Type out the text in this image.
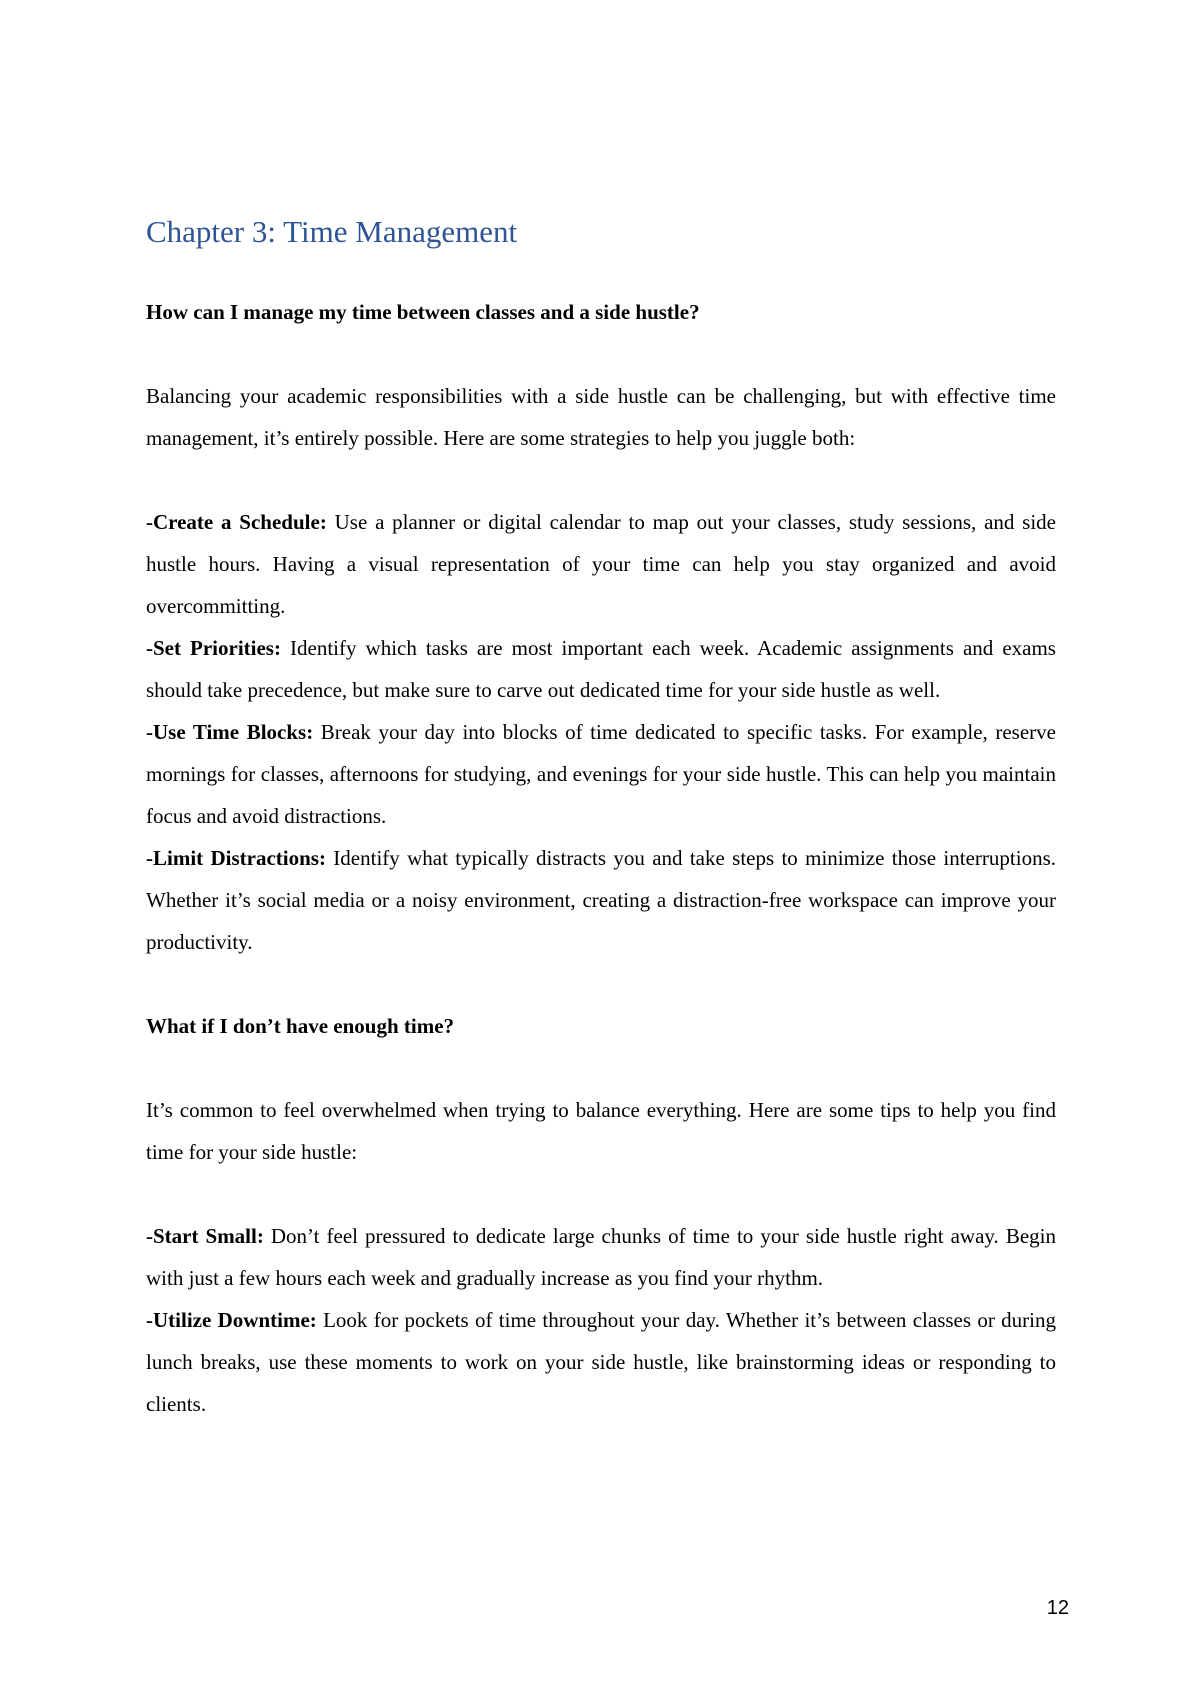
Chapter 3: Time Management

How can I manage my time between classes and a side hustle?

Balancing your academic responsibilities with a side hustle can be challenging, but with effective time management, it’s entirely possible. Here are some strategies to help you juggle both:

-Create a Schedule: Use a planner or digital calendar to map out your classes, study sessions, and side hustle hours. Having a visual representation of your time can help you stay organized and avoid overcommitting.

-Set Priorities: Identify which tasks are most important each week. Academic assignments and exams should take precedence, but make sure to carve out dedicated time for your side hustle as well.

-Use Time Blocks: Break your day into blocks of time dedicated to specific tasks. For example, reserve mornings for classes, afternoons for studying, and evenings for your side hustle. This can help you maintain focus and avoid distractions.

-Limit Distractions: Identify what typically distracts you and take steps to minimize those interruptions. Whether it’s social media or a noisy environment, creating a distraction-free workspace can improve your productivity.

What if I don’t have enough time?

It’s common to feel overwhelmed when trying to balance everything. Here are some tips to help you find time for your side hustle:

-Start Small: Don’t feel pressured to dedicate large chunks of time to your side hustle right away. Begin with just a few hours each week and gradually increase as you find your rhythm.

-Utilize Downtime: Look for pockets of time throughout your day. Whether it’s between classes or during lunch breaks, use these moments to work on your side hustle, like brainstorming ideas or responding to clients.

12
